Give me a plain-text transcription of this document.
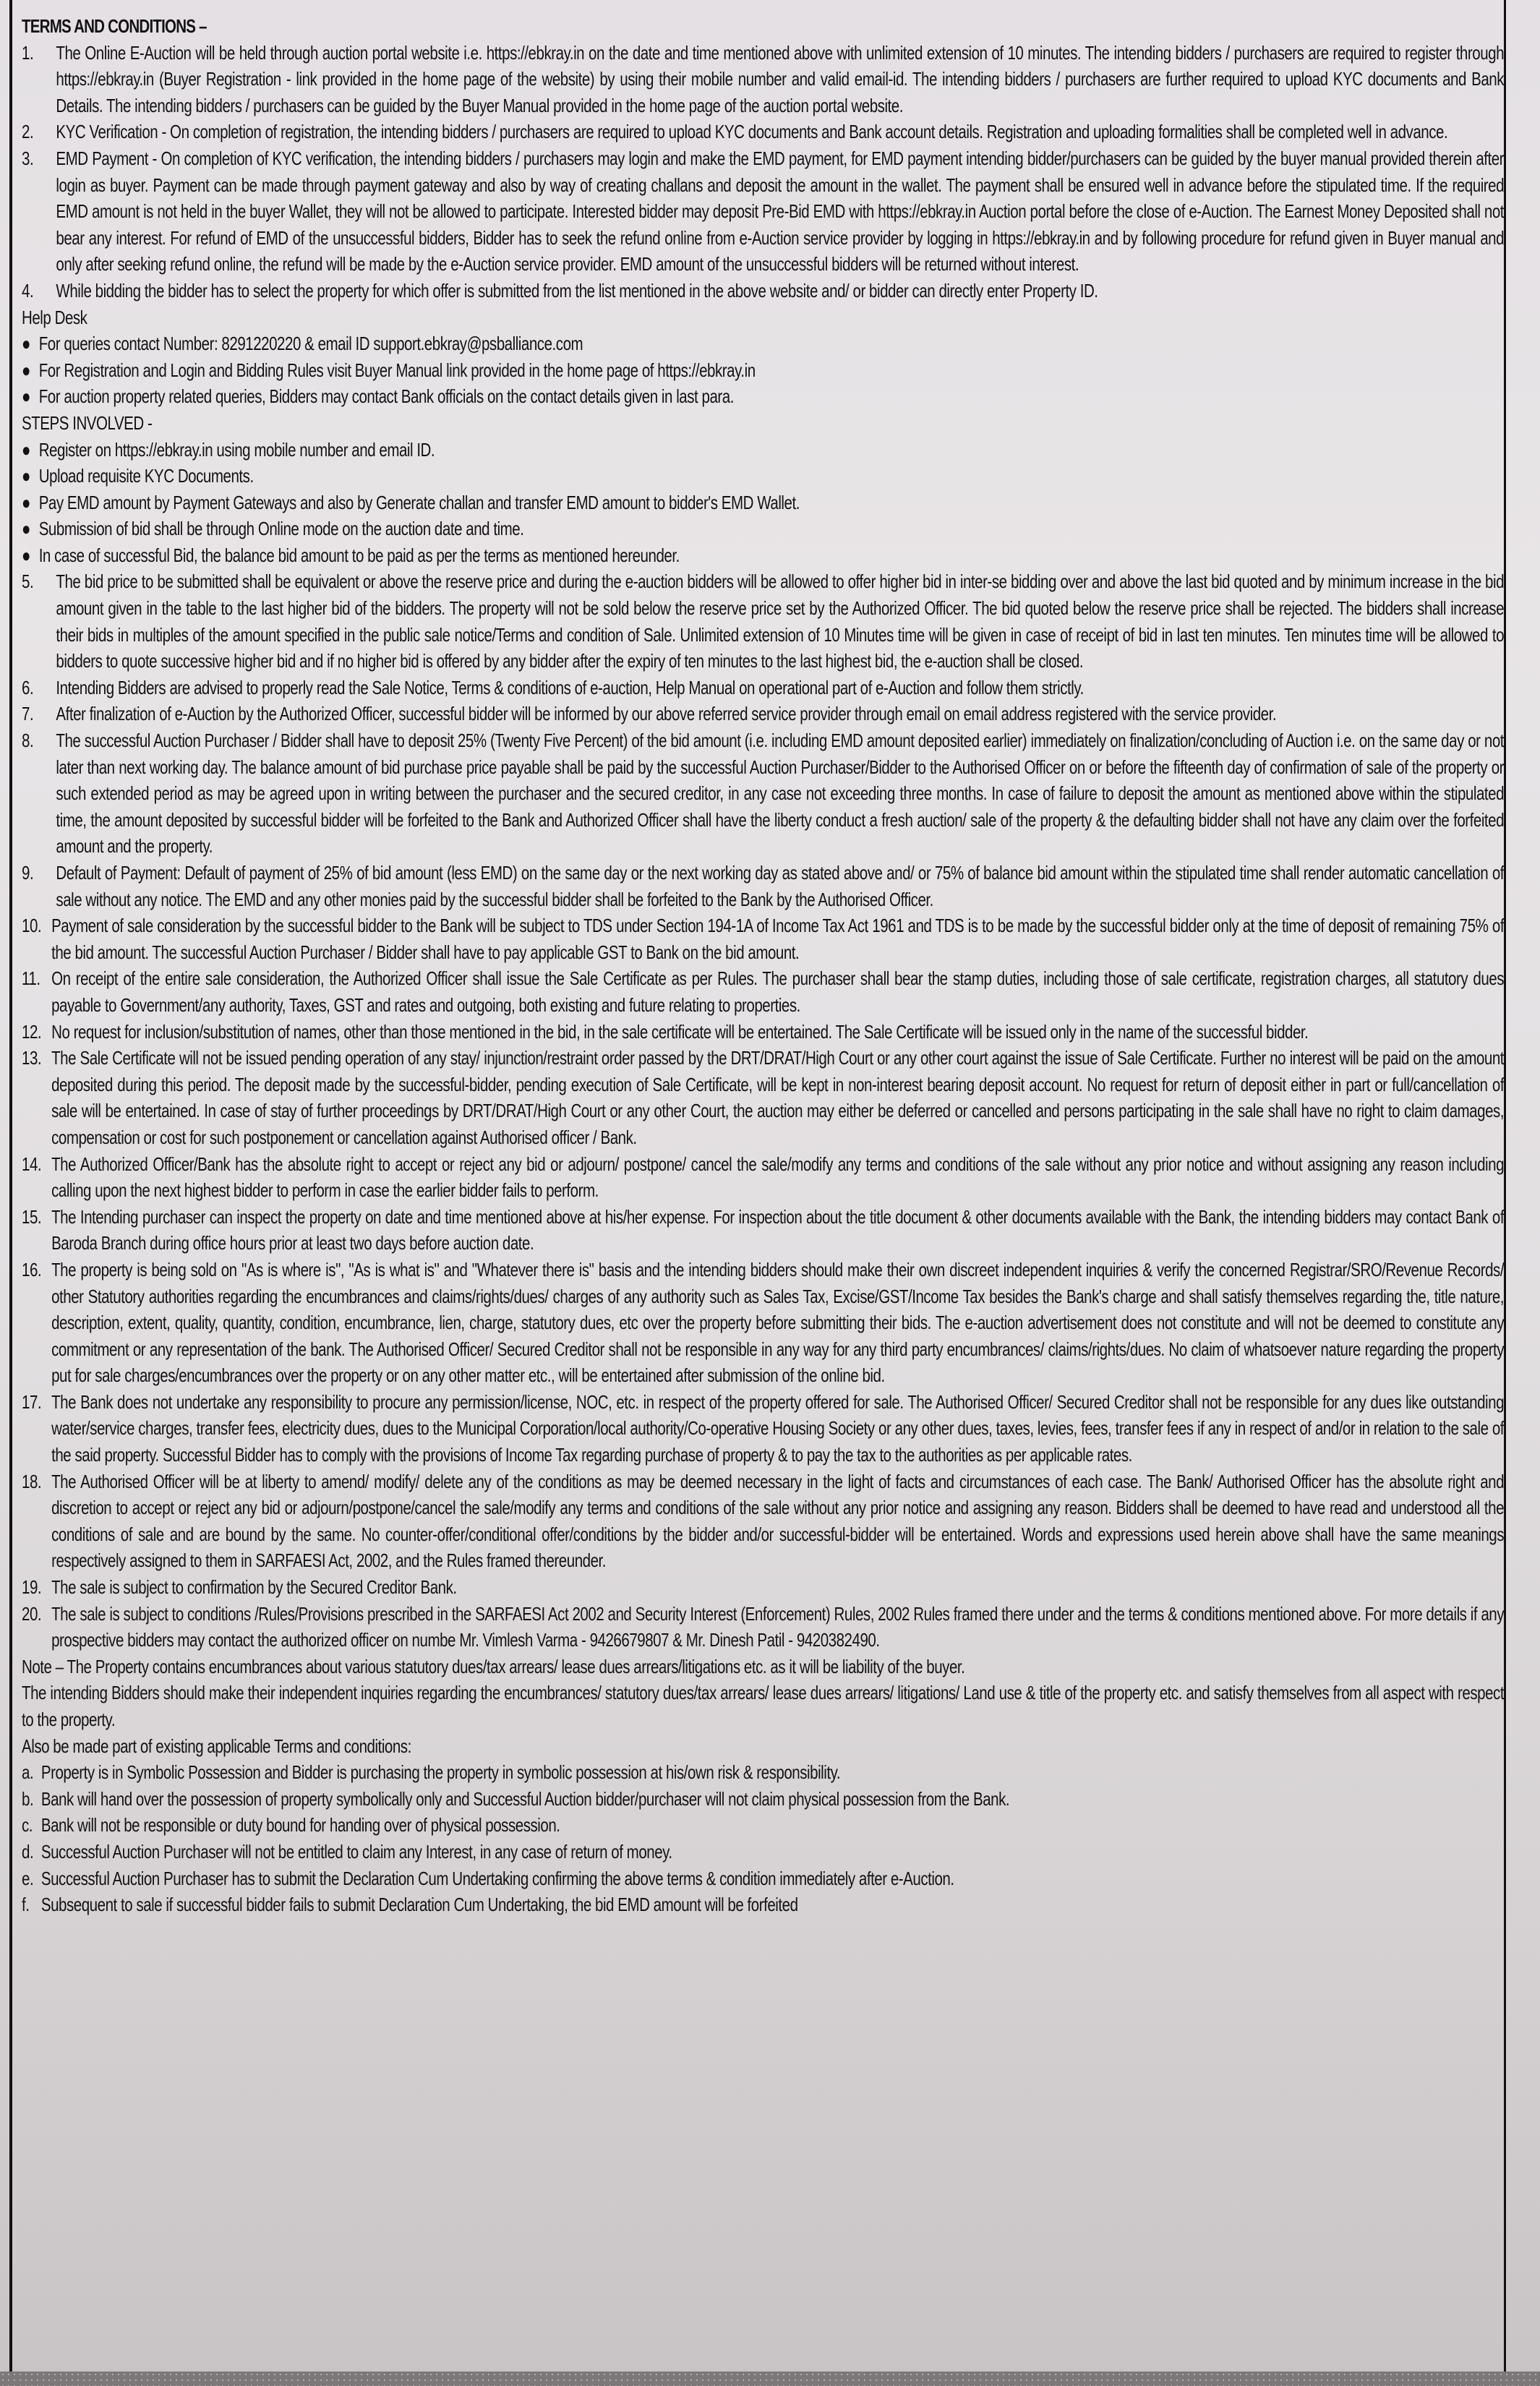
TERMS AND CONDITIONS –

1.	The Online E-Auction will be held through auction portal website i.e. https://ebkray.in on the date and time mentioned above with unlimited extension of 10 minutes. The intending bidders / purchasers are required to register through https://ebkray.in (Buyer Registration - link provided in the home page of the website) by using their mobile number and valid email-id. The intending bidders / purchasers are further required to upload KYC documents and Bank Details. The intending bidders / purchasers can be guided by the Buyer Manual provided in the home page of the auction portal website.
2.	KYC Verification - On completion of registration, the intending bidders / purchasers are required to upload KYC documents and Bank account details. Registration and uploading formalities shall be completed well in advance.
3.	EMD Payment - On completion of KYC verification, the intending bidders / purchasers may login and make the EMD payment, for EMD payment intending bidder/purchasers can be guided by the buyer manual provided therein after login as buyer. Payment can be made through payment gateway and also by way of creating challans and deposit the amount in the wallet. The payment shall be ensured well in advance before the stipulated time. If the required EMD amount is not held in the buyer Wallet, they will not be allowed to participate. Interested bidder may deposit Pre-Bid EMD with https://ebkray.in Auction portal before the close of e-Auction. The Earnest Money Deposited shall not bear any interest. For refund of EMD of the unsuccessful bidders, Bidder has to seek the refund online from e-Auction service provider by logging in https://ebkray.in and by following procedure for refund given in Buyer manual and only after seeking refund online, the refund will be made by the e-Auction service provider. EMD amount of the unsuccessful bidders will be returned without interest.
4.	While bidding the bidder has to select the property for which offer is submitted from the list mentioned in the above website and/ or bidder can directly enter Property ID.

Help Desk

● For queries contact Number: 8291220220 & email ID support.ebkray@psballiance.com
● For Registration and Login and Bidding Rules visit Buyer Manual link provided in the home page of https://ebkray.in
● For auction property related queries, Bidders may contact Bank officials on the contact details given in last para.

STEPS INVOLVED -

● Register on https://ebkray.in using mobile number and email ID.
● Upload requisite KYC Documents.
● Pay EMD amount by Payment Gateways and also by Generate challan and transfer EMD amount to bidder's EMD Wallet.
● Submission of bid shall be through Online mode on the auction date and time.
● In case of successful Bid, the balance bid amount to be paid as per the terms as mentioned hereunder.
5.	The bid price to be submitted shall be equivalent or above the reserve price and during the e-auction bidders will be allowed to offer higher bid in inter-se bidding over and above the last bid quoted and by minimum increase in the bid amount given in the table to the last higher bid of the bidders. The property will not be sold below the reserve price set by the Authorized Officer. The bid quoted below the reserve price shall be rejected. The bidders shall increase their bids in multiples of the amount specified in the public sale notice/Terms and condition of Sale. Unlimited extension of 10 Minutes time will be given in case of receipt of bid in last ten minutes. Ten minutes time will be allowed to bidders to quote successive higher bid and if no higher bid is offered by any bidder after the expiry of ten minutes to the last highest bid, the e-auction shall be closed.
6.	Intending Bidders are advised to properly read the Sale Notice, Terms & conditions of e-auction, Help Manual on operational part of e-Auction and follow them strictly.
7.	After finalization of e-Auction by the Authorized Officer, successful bidder will be informed by our above referred service provider through email on email address registered with the service provider.
8.	The successful Auction Purchaser / Bidder shall have to deposit 25% (Twenty Five Percent) of the bid amount (i.e. including EMD amount deposited earlier) immediately on finalization/concluding of Auction i.e. on the same day or not later than next working day. The balance amount of bid purchase price payable shall be paid by the successful Auction Purchaser/Bidder to the Authorised Officer on or before the fifteenth day of confirmation of sale of the property or such extended period as may be agreed upon in writing between the purchaser and the secured creditor, in any case not exceeding three months. In case of failure to deposit the amount as mentioned above within the stipulated time, the amount deposited by successful bidder will be forfeited to the Bank and Authorized Officer shall have the liberty conduct a fresh auction/ sale of the property & the defaulting bidder shall not have any claim over the forfeited amount and the property.
9.	Default of Payment: Default of payment of 25% of bid amount (less EMD) on the same day or the next working day as stated above and/ or 75% of balance bid amount within the stipulated time shall render automatic cancellation of sale without any notice. The EMD and any other monies paid by the successful bidder shall be forfeited to the Bank by the Authorised Officer.
10. Payment of sale consideration by the successful bidder to the Bank will be subject to TDS under Section 194-1A of Income Tax Act 1961 and TDS is to be made by the successful bidder only at the time of deposit of remaining 75% of the bid amount. The successful Auction Purchaser / Bidder shall have to pay applicable GST to Bank on the bid amount.
11. On receipt of the entire sale consideration, the Authorized Officer shall issue the Sale Certificate as per Rules. The purchaser shall bear the stamp duties, including those of sale certificate, registration charges, all statutory dues payable to Government/any authority, Taxes, GST and rates and outgoing, both existing and future relating to properties.
12. No request for inclusion/substitution of names, other than those mentioned in the bid, in the sale certificate will be entertained. The Sale Certificate will be issued only in the name of the successful bidder.
13. The Sale Certificate will not be issued pending operation of any stay/ injunction/restraint order passed by the DRT/DRAT/High Court or any other court against the issue of Sale Certificate. Further no interest will be paid on the amount deposited during this period. The deposit made by the successful-bidder, pending execution of Sale Certificate, will be kept in non-interest bearing deposit account. No request for return of deposit either in part or full/cancellation of sale will be entertained. In case of stay of further proceedings by DRT/DRAT/High Court or any other Court, the auction may either be deferred or cancelled and persons participating in the sale shall have no right to claim damages, compensation or cost for such postponement or cancellation against Authorised officer / Bank.
14. The Authorized Officer/Bank has the absolute right to accept or reject any bid or adjourn/ postpone/ cancel the sale/modify any terms and conditions of the sale without any prior notice and without assigning any reason including calling upon the next highest bidder to perform in case the earlier bidder fails to perform.
15. The Intending purchaser can inspect the property on date and time mentioned above at his/her expense. For inspection about the title document & other documents available with the Bank, the intending bidders may contact Bank of Baroda Branch during office hours prior at least two days before auction date.
16. The property is being sold on "As is where is", "As is what is" and "Whatever there is" basis and the intending bidders should make their own discreet independent inquiries & verify the concerned Registrar/SRO/Revenue Records/ other Statutory authorities regarding the encumbrances and claims/rights/dues/ charges of any authority such as Sales Tax, Excise/GST/Income Tax besides the Bank's charge and shall satisfy themselves regarding the, title nature, description, extent, quality, quantity, condition, encumbrance, lien, charge, statutory dues, etc over the property before submitting their bids. The e-auction advertisement does not constitute and will not be deemed to constitute any commitment or any representation of the bank. The Authorised Officer/ Secured Creditor shall not be responsible in any way for any third party encumbrances/ claims/rights/dues. No claim of whatsoever nature regarding the property put for sale charges/encumbrances over the property or on any other matter etc., will be entertained after submission of the online bid.
17. The Bank does not undertake any responsibility to procure any permission/license, NOC, etc. in respect of the property offered for sale. The Authorised Officer/ Secured Creditor shall not be responsible for any dues like outstanding water/service charges, transfer fees, electricity dues, dues to the Municipal Corporation/local authority/Co-operative Housing Society or any other dues, taxes, levies, fees, transfer fees if any in respect of and/or in relation to the sale of the said property. Successful Bidder has to comply with the provisions of Income Tax regarding purchase of property & to pay the tax to the authorities as per applicable rates.
18. The Authorised Officer will be at liberty to amend/ modify/ delete any of the conditions as may be deemed necessary in the light of facts and circumstances of each case. The Bank/ Authorised Officer has the absolute right and discretion to accept or reject any bid or adjourn/postpone/cancel the sale/modify any terms and conditions of the sale without any prior notice and assigning any reason. Bidders shall be deemed to have read and understood all the conditions of sale and are bound by the same. No counter-offer/conditional offer/conditions by the bidder and/or successful-bidder will be entertained. Words and expressions used herein above shall have the same meanings respectively assigned to them in SARFAESI Act, 2002, and the Rules framed thereunder.
19. The sale is subject to confirmation by the Secured Creditor Bank.
20. The sale is subject to conditions /Rules/Provisions prescribed in the SARFAESI Act 2002 and Security Interest (Enforcement) Rules, 2002 Rules framed there under and the terms & conditions mentioned above. For more details if any prospective bidders may contact the authorized officer on numbe Mr. Vimlesh Varma - 9426679807 & Mr. Dinesh Patil - 9420382490.

Note – The Property contains encumbrances about various statutory dues/tax arrears/ lease dues arrears/litigations etc. as it will be liability of the buyer.

The intending Bidders should make their independent inquiries regarding the encumbrances/ statutory dues/tax arrears/ lease dues arrears/ litigations/ Land use & title of the property etc. and satisfy themselves from all aspect with respect to the property.

Also be made part of existing applicable Terms and conditions:

a. Property is in Symbolic Possession and Bidder is purchasing the property in symbolic possession at his/own risk & responsibility.
b. Bank will hand over the possession of property symbolically only and Successful Auction bidder/purchaser will not claim physical possession from the Bank.
c. Bank will not be responsible or duty bound for handing over of physical possession.
d. Successful Auction Purchaser will not be entitled to claim any Interest, in any case of return of money.
e. Successful Auction Purchaser has to submit the Declaration Cum Undertaking confirming the above terms & condition immediately after e-Auction.
f. Subsequent to sale if successful bidder fails to submit Declaration Cum Undertaking, the bid EMD amount will be forfeited
